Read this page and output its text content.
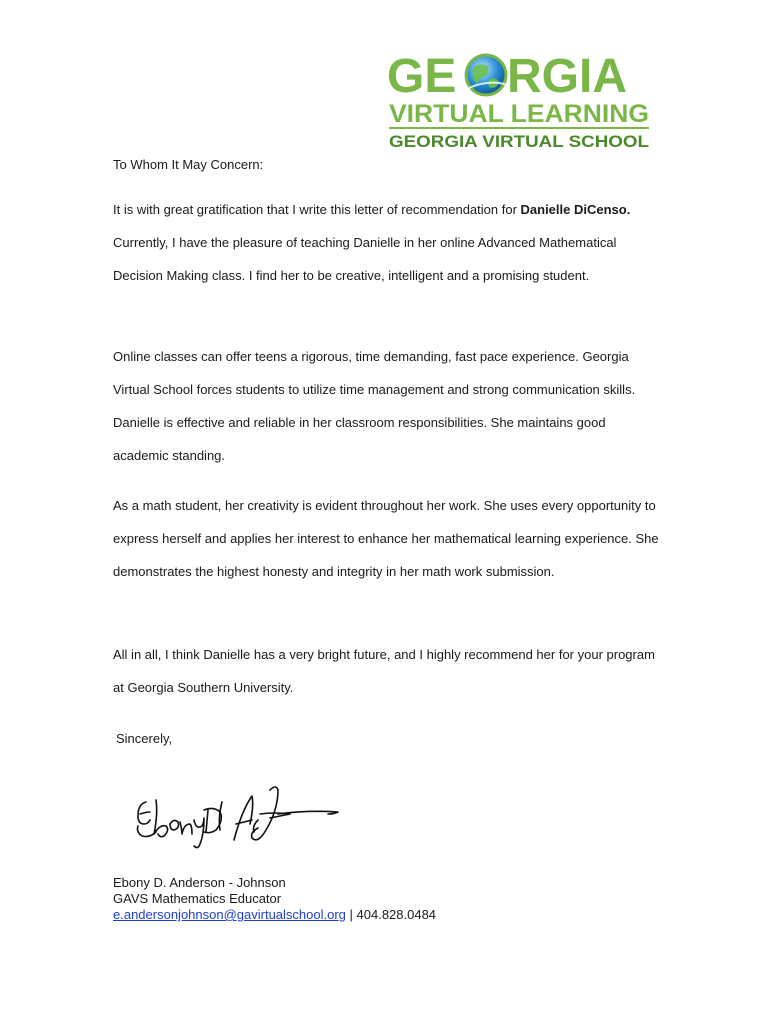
GE RGIA
VIRTUAL LEARNING
GEORGIA VIRTUAL SCHOOL
To Whom It May Concern:

It is with great gratification that I write this letter of recommendation for Danielle DiCenso. Currently, I have the pleasure of teaching Danielle in her online Advanced Mathematical Decision Making class. I find her to be creative, intelligent and a promising student.

Online classes can offer teens a rigorous, time demanding, fast pace experience. Georgia Virtual School forces students to utilize time management and strong communication skills. Danielle is effective and reliable in her classroom responsibilities. She maintains good academic standing.

As a math student, her creativity is evident throughout her work. She uses every opportunity to express herself and applies her interest to enhance her mathematical learning experience. She demonstrates the highest honesty and integrity in her math work submission.

All in all, I think Danielle has a very bright future, and I highly recommend her for your program at Georgia Southern University.

Sincerely,
Ebony D. Anderson - Johnson
GAVS Mathematics Educator
e.andersonjohnson@gavirtualschool.org | 404.828.0484
